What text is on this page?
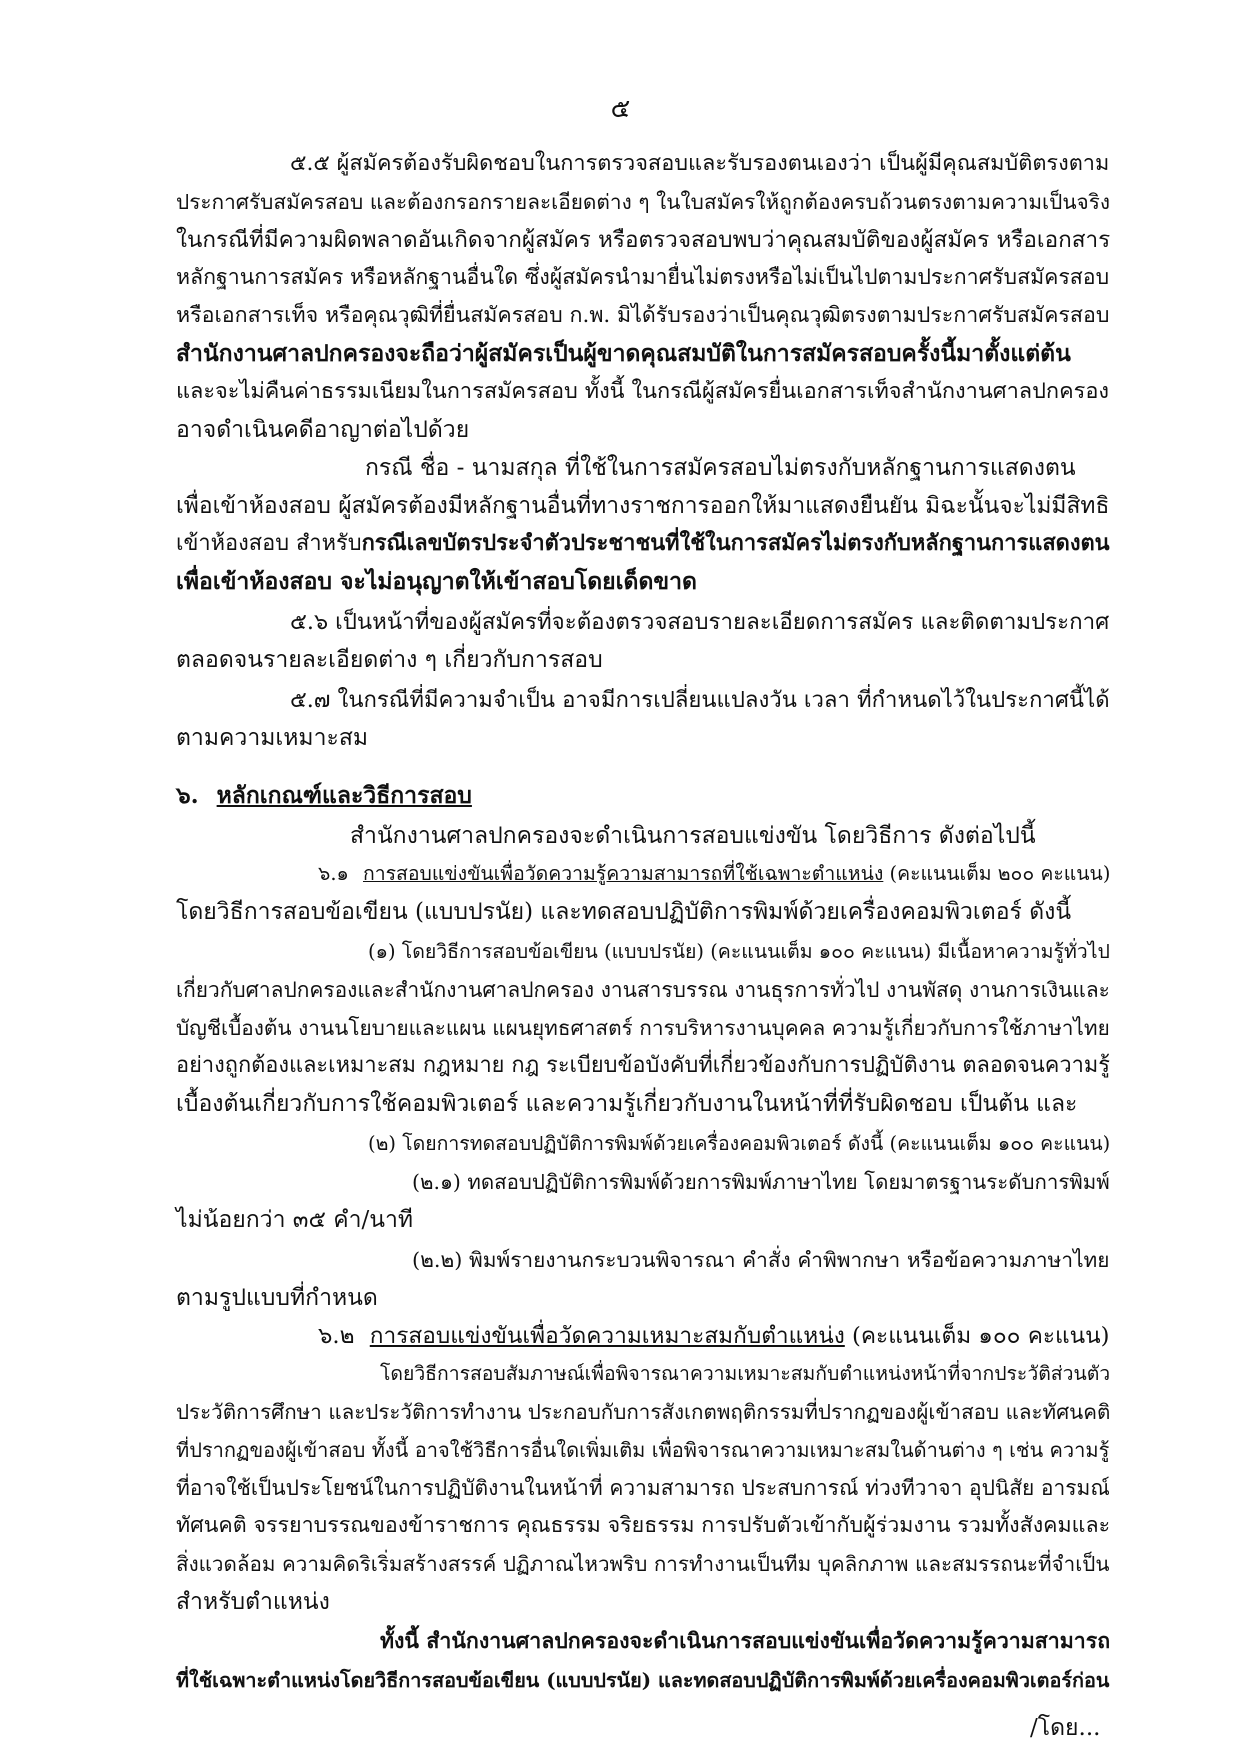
๕
๕.๕ ผู้สมัครต้องรับผิดชอบในการตรวจสอบและรับรองตนเองว่า เป็นผู้มีคุณสมบัติตรงตาม
ประกาศรับสมัครสอบ และต้องกรอกรายละเอียดต่าง ๆ ในใบสมัครให้ถูกต้องครบถ้วนตรงตามความเป็นจริง
ในกรณีที่มีความผิดพลาดอันเกิดจากผู้สมัคร หรือตรวจสอบพบว่าคุณสมบัติของผู้สมัคร หรือเอกสาร
หลักฐานการสมัคร หรือหลักฐานอื่นใด ซึ่งผู้สมัครนำมายื่นไม่ตรงหรือไม่เป็นไปตามประกาศรับสมัครสอบ
หรือเอกสารเท็จ หรือคุณวุฒิที่ยื่นสมัครสอบ ก.พ. มิได้รับรองว่าเป็นคุณวุฒิตรงตามประกาศรับสมัครสอบ
สำนักงานศาลปกครองจะถือว่าผู้สมัครเป็นผู้ขาดคุณสมบัติในการสมัครสอบครั้งนี้มาตั้งแต่ต้น
และจะไม่คืนค่าธรรมเนียมในการสมัครสอบ ทั้งนี้ ในกรณีผู้สมัครยื่นเอกสารเท็จสำนักงานศาลปกครอง
อาจดำเนินคดีอาญาต่อไปด้วย
กรณี ชื่อ - นามสกุล ที่ใช้ในการสมัครสอบไม่ตรงกับหลักฐานการแสดงตน
เพื่อเข้าห้องสอบ ผู้สมัครต้องมีหลักฐานอื่นที่ทางราชการออกให้มาแสดงยืนยัน มิฉะนั้นจะไม่มีสิทธิ
เข้าห้องสอบ สำหรับกรณีเลขบัตรประจำตัวประชาชนที่ใช้ในการสมัครไม่ตรงกับหลักฐานการแสดงตน
เพื่อเข้าห้องสอบ จะไม่อนุญาตให้เข้าสอบโดยเด็ดขาด
๕.๖ เป็นหน้าที่ของผู้สมัครที่จะต้องตรวจสอบรายละเอียดการสมัคร และติดตามประกาศ
ตลอดจนรายละเอียดต่าง ๆ เกี่ยวกับการสอบ
๕.๗ ในกรณีที่มีความจำเป็น อาจมีการเปลี่ยนแปลงวัน เวลา ที่กำหนดไว้ในประกาศนี้ได้
ตามความเหมาะสม
๖. หลักเกณฑ์และวิธีการสอบ
สำนักงานศาลปกครองจะดำเนินการสอบแข่งขัน โดยวิธีการ ดังต่อไปนี้
๖.๑ การสอบแข่งขันเพื่อวัดความรู้ความสามารถที่ใช้เฉพาะตำแหน่ง (คะแนนเต็ม ๒๐๐ คะแนน)
โดยวิธีการสอบข้อเขียน (แบบปรนัย) และทดสอบปฏิบัติการพิมพ์ด้วยเครื่องคอมพิวเตอร์ ดังนี้
(๑) โดยวิธีการสอบข้อเขียน (แบบปรนัย) (คะแนนเต็ม ๑๐๐ คะแนน) มีเนื้อหาความรู้ทั่วไป
เกี่ยวกับศาลปกครองและสำนักงานศาลปกครอง งานสารบรรณ งานธุรการทั่วไป งานพัสดุ งานการเงินและ
บัญชีเบื้องต้น งานนโยบายและแผน แผนยุทธศาสตร์ การบริหารงานบุคคล ความรู้เกี่ยวกับการใช้ภาษาไทย
อย่างถูกต้องและเหมาะสม กฎหมาย กฎ ระเบียบข้อบังคับที่เกี่ยวข้องกับการปฏิบัติงาน ตลอดจนความรู้
เบื้องต้นเกี่ยวกับการใช้คอมพิวเตอร์ และความรู้เกี่ยวกับงานในหน้าที่ที่รับผิดชอบ เป็นต้น และ
(๒) โดยการทดสอบปฏิบัติการพิมพ์ด้วยเครื่องคอมพิวเตอร์ ดังนี้ (คะแนนเต็ม ๑๐๐ คะแนน)
(๒.๑) ทดสอบปฏิบัติการพิมพ์ด้วยการพิมพ์ภาษาไทย โดยมาตรฐานระดับการพิมพ์
ไม่น้อยกว่า ๓๕ คำ/นาที
(๒.๒) พิมพ์รายงานกระบวนพิจารณา คำสั่ง คำพิพากษา หรือข้อความภาษาไทย
ตามรูปแบบที่กำหนด
๖.๒ การสอบแข่งขันเพื่อวัดความเหมาะสมกับตำแหน่ง (คะแนนเต็ม ๑๐๐ คะแนน)
โดยวิธีการสอบสัมภาษณ์เพื่อพิจารณาความเหมาะสมกับตำแหน่งหน้าที่จากประวัติส่วนตัว
ประวัติการศึกษา และประวัติการทำงาน ประกอบกับการสังเกตพฤติกรรมที่ปรากฏของผู้เข้าสอบ และทัศนคติ
ที่ปรากฏของผู้เข้าสอบ ทั้งนี้ อาจใช้วิธีการอื่นใดเพิ่มเติม เพื่อพิจารณาความเหมาะสมในด้านต่าง ๆ เช่น ความรู้
ที่อาจใช้เป็นประโยชน์ในการปฏิบัติงานในหน้าที่ ความสามารถ ประสบการณ์ ท่วงทีวาจา อุปนิสัย อารมณ์
ทัศนคติ จรรยาบรรณของข้าราชการ คุณธรรม จริยธรรม การปรับตัวเข้ากับผู้ร่วมงาน รวมทั้งสังคมและ
สิ่งแวดล้อม ความคิดริเริ่มสร้างสรรค์ ปฏิภาณไหวพริบ การทำงานเป็นทีม บุคลิกภาพ และสมรรถนะที่จำเป็น
สำหรับตำแหน่ง
ทั้งนี้ สำนักงานศาลปกครองจะดำเนินการสอบแข่งขันเพื่อวัดความรู้ความสามารถ
ที่ใช้เฉพาะตำแหน่งโดยวิธีการสอบข้อเขียน (แบบปรนัย) และทดสอบปฏิบัติการพิมพ์ด้วยเครื่องคอมพิวเตอร์ก่อน
/โดย...
